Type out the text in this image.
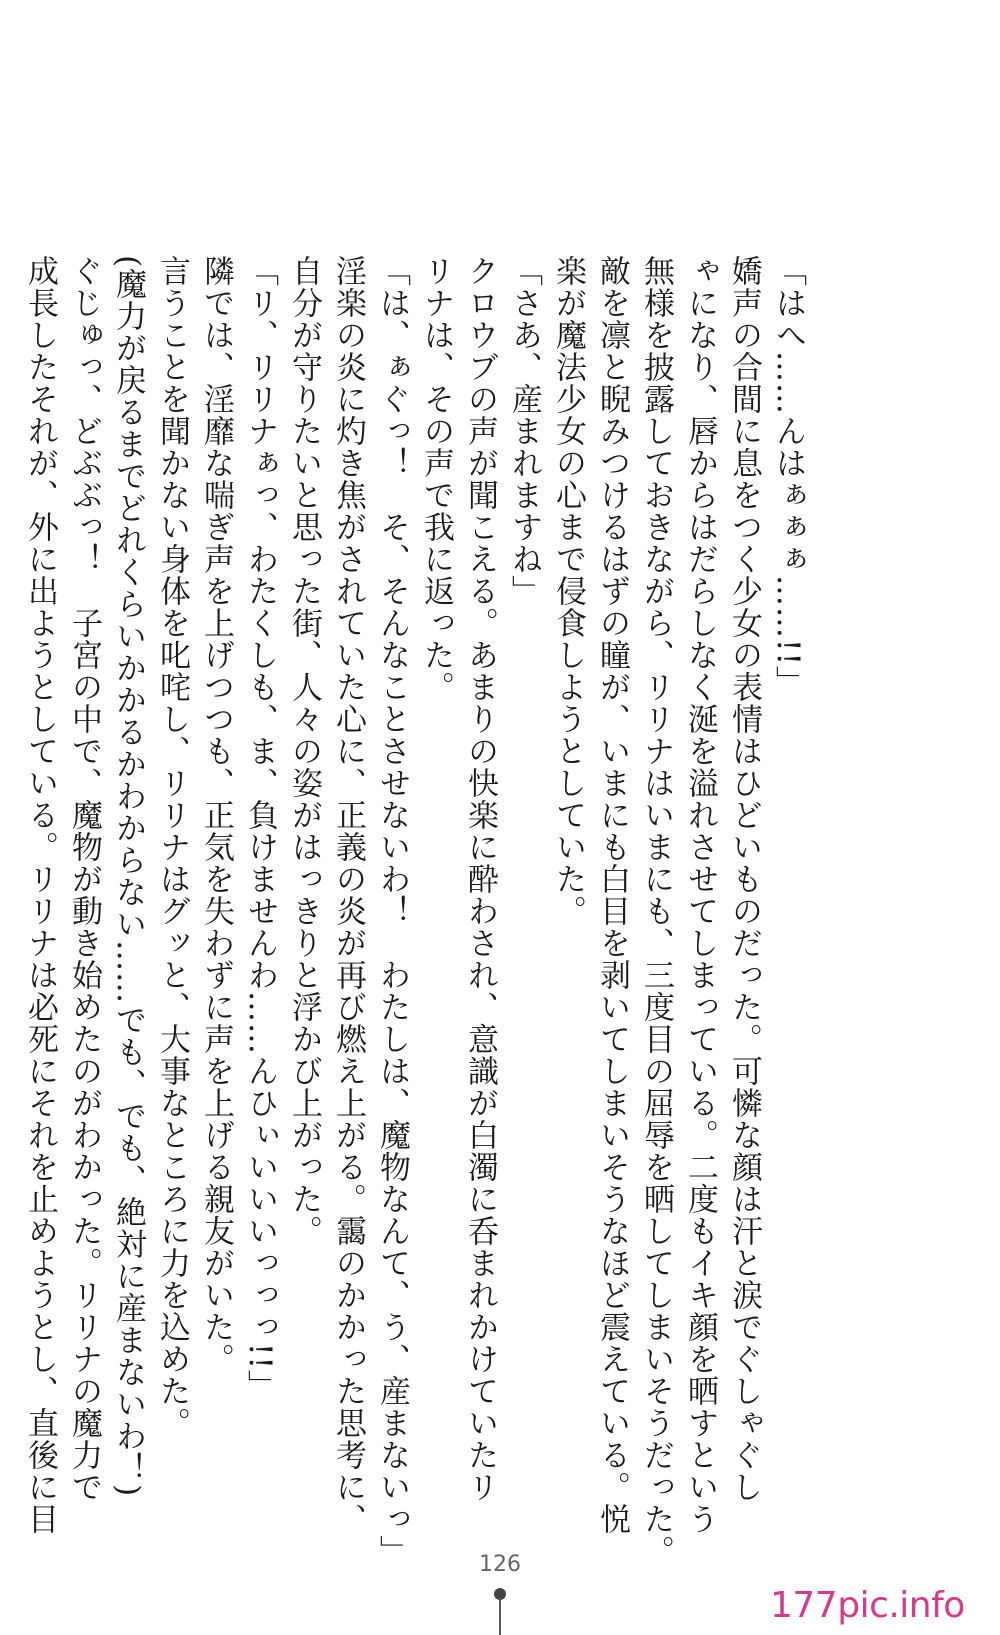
「はへ……んはぁぁぁ……!!」
嬌声の合間に息をつく少女の表情はひどいものだった。可憐な顔は汗と涙でぐしゃぐし
ゃになり、唇からはだらしなく涎を溢れさせてしまっている。二度もイキ顔を晒すという
無様を披露しておきながら、リリナはいまにも、三度目の屈辱を晒してしまいそうだった。
敵を凛と睨みつけるはずの瞳が、いまにも白目を剥いてしまいそうなほど震えている。悦
楽が魔法少女の心まで侵食しようとしていた。
「さあ、産まれますね」
クロウブの声が聞こえる。あまりの快楽に酔わされ、意識が白濁に呑まれかけていたリ
リナは、その声で我に返った。
「は、ぁぐっ！　そ、そんなことさせないわ！　わたしは、魔物なんて、う、産まないっ」
淫楽の炎に灼き焦がされていた心に、正義の炎が再び燃え上がる。靄のかかった思考に、
自分が守りたいと思った街、人々の姿がはっきりと浮かび上がった。
「リ、リリナぁっ、わたくしも、ま、負けませんわ……んひぃいいいっっっ!!」
隣では、淫靡な喘ぎ声を上げつつも、正気を失わずに声を上げる親友がいた。
言うことを聞かない身体を叱咤し、リリナはグッと、大事なところに力を込めた。
(魔力が戻るまでどれくらいかかるかわからない……でも、でも、絶対に産まないわ！)
ぐじゅっ、どぶぶっ！　子宮の中で、魔物が動き始めたのがわかった。リリナの魔力で
成長したそれが、外に出ようとしている。リリナは必死にそれを止めようとし、直後に目
126
177pic.info
